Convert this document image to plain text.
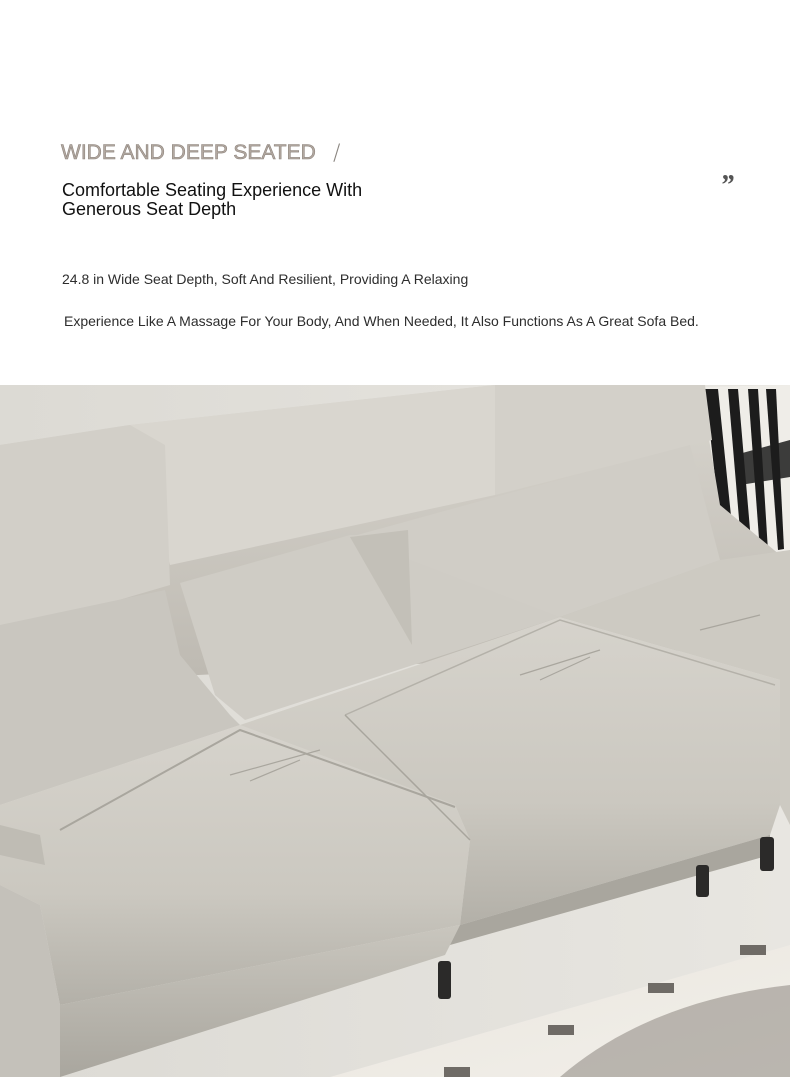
WIDE AND DEEP SEATED /
”
Comfortable Seating Experience With
Generous Seat Depth
24.8 in Wide Seat Depth, Soft And Resilient, Providing A Relaxing
Experience Like A Massage For Your Body, And When Needed, It Also Functions As A Great Sofa Bed.
